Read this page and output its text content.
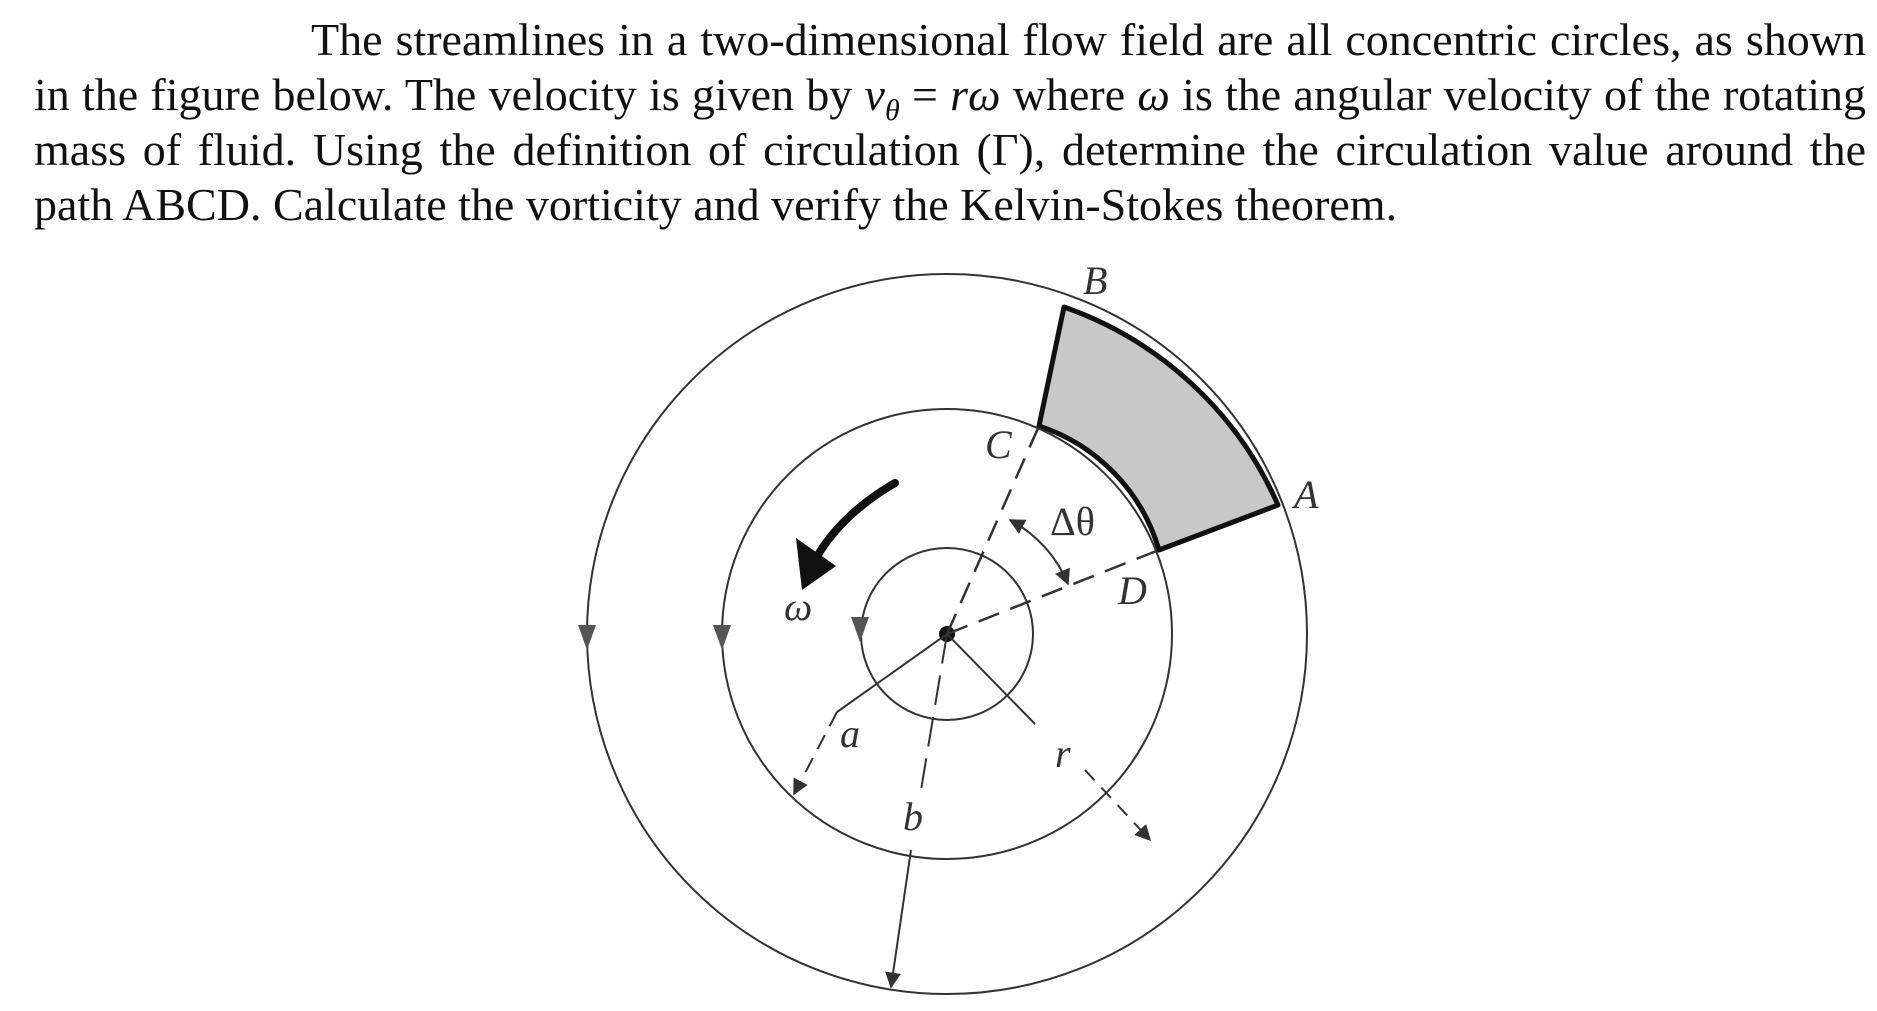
The streamlines in a two-dimensional flow field are all concentric circles, as shown in the figure below. The velocity is given by $v_\theta = r\omega$ where ω is the angular velocity of the rotating mass of fluid. Using the definition of circulation (Γ), determine the circulation value around the path ABCD. Calculate the vorticity and verify the Kelvin-Stokes theorem.

B
A
C
D
Δθ
ω
a
b
r
